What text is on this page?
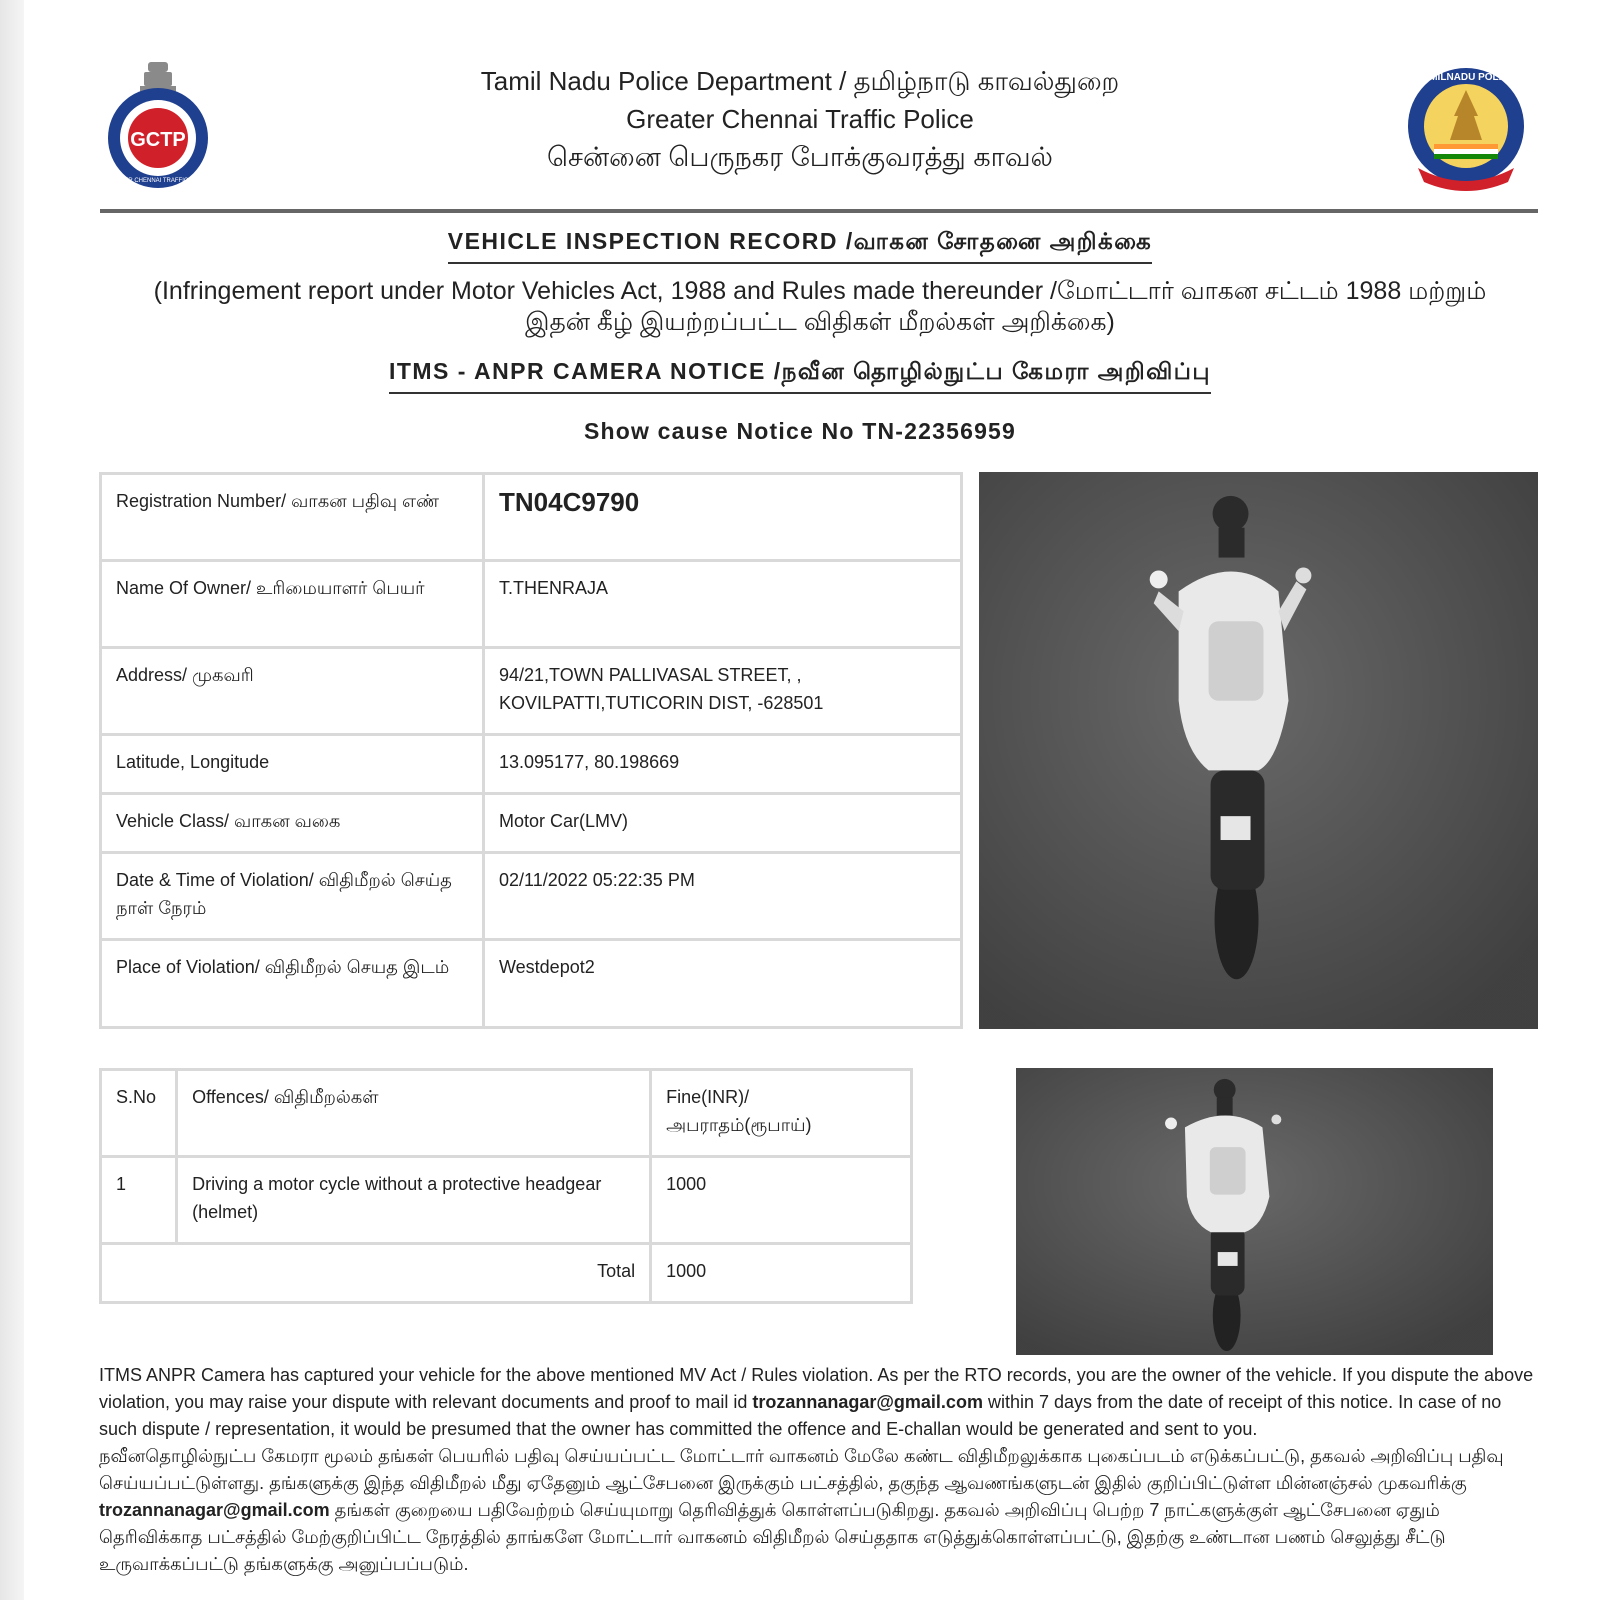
GCTP
GREATER CHENNAI TRAFFIC POLICE
TAMILNADU POLICE
Tamil Nadu Police Department / தமிழ்நாடு காவல்துறை
Greater Chennai Traffic Police
சென்னை பெருநகர போக்குவரத்து காவல்
VEHICLE INSPECTION RECORD /வாகன சோதனை அறிக்கை
(Infringement report under Motor Vehicles Act, 1988 and Rules made thereunder /மோட்டார் வாகன சட்டம் 1988 மற்றும் இதன் கீழ் இயற்றப்பட்ட விதிகள் மீறல்கள் அறிக்கை)
ITMS - ANPR CAMERA NOTICE /நவீன தொழில்நுட்ப கேமரா அறிவிப்பு
Show cause Notice No TN-22356959
Registration Number/ வாகன பதிவு எண்	TN04C9790
Name Of Owner/ உரிமையாளர் பெயர்	T.THENRAJA
Address/ முகவரி	94/21,TOWN PALLIVASAL STREET, , KOVILPATTI,TUTICORIN DIST, -628501
Latitude, Longitude	13.095177, 80.198669
Vehicle Class/ வாகன வகை	Motor Car(LMV)
Date & Time of Violation/ விதிமீறல் செய்த நாள் நேரம்	02/11/2022 05:22:35 PM
Place of Violation/ விதிமீறல் செயத இடம்	Westdepot2
S.No	Offences/ விதிமீறல்கள்	Fine(INR)/ அபராதம்(ரூபாய்)
1	Driving a motor cycle without a protective headgear (helmet)	1000
Total		1000
ITMS ANPR Camera has captured your vehicle for the above mentioned MV Act / Rules violation. As per the RTO records, you are the owner of the vehicle. If you dispute the above violation, you may raise your dispute with relevant documents and proof to mail id trozannanagar@gmail.com within 7 days from the date of receipt of this notice. In case of no such dispute / representation, it would be presumed that the owner has committed the offence and E-challan would be generated and sent to you.
நவீனதொழில்நுட்ப கேமரா மூலம் தங்கள் பெயரில் பதிவு செய்யப்பட்ட மோட்டார் வாகனம் மேலே கண்ட விதிமீறலுக்காக புகைப்படம் எடுக்கப்பட்டு, தகவல் அறிவிப்பு பதிவு செய்யப்பட்டுள்ளது. தங்களுக்கு இந்த விதிமீறல் மீது ஏதேனும் ஆட்சேபனை இருக்கும் பட்சத்தில், தகுந்த ஆவணங்களுடன் இதில் குறிப்பிட்டுள்ள மின்னஞ்சல் முகவரிக்கு trozannanagar@gmail.com தங்கள் குறையை பதிவேற்றம் செய்யுமாறு தெரிவித்துக் கொள்ளப்படுகிறது. தகவல் அறிவிப்பு பெற்ற 7 நாட்களுக்குள் ஆட்சேபனை ஏதும் தெரிவிக்காத பட்சத்தில் மேற்குறிப்பிட்ட நேரத்தில் தாங்களே மோட்டார் வாகனம் விதிமீறல் செய்ததாக எடுத்துக்கொள்ளப்பட்டு, இதற்கு உண்டான பணம் செலுத்து சீட்டு உருவாக்கப்பட்டு தங்களுக்கு அனுப்பப்படும்.
